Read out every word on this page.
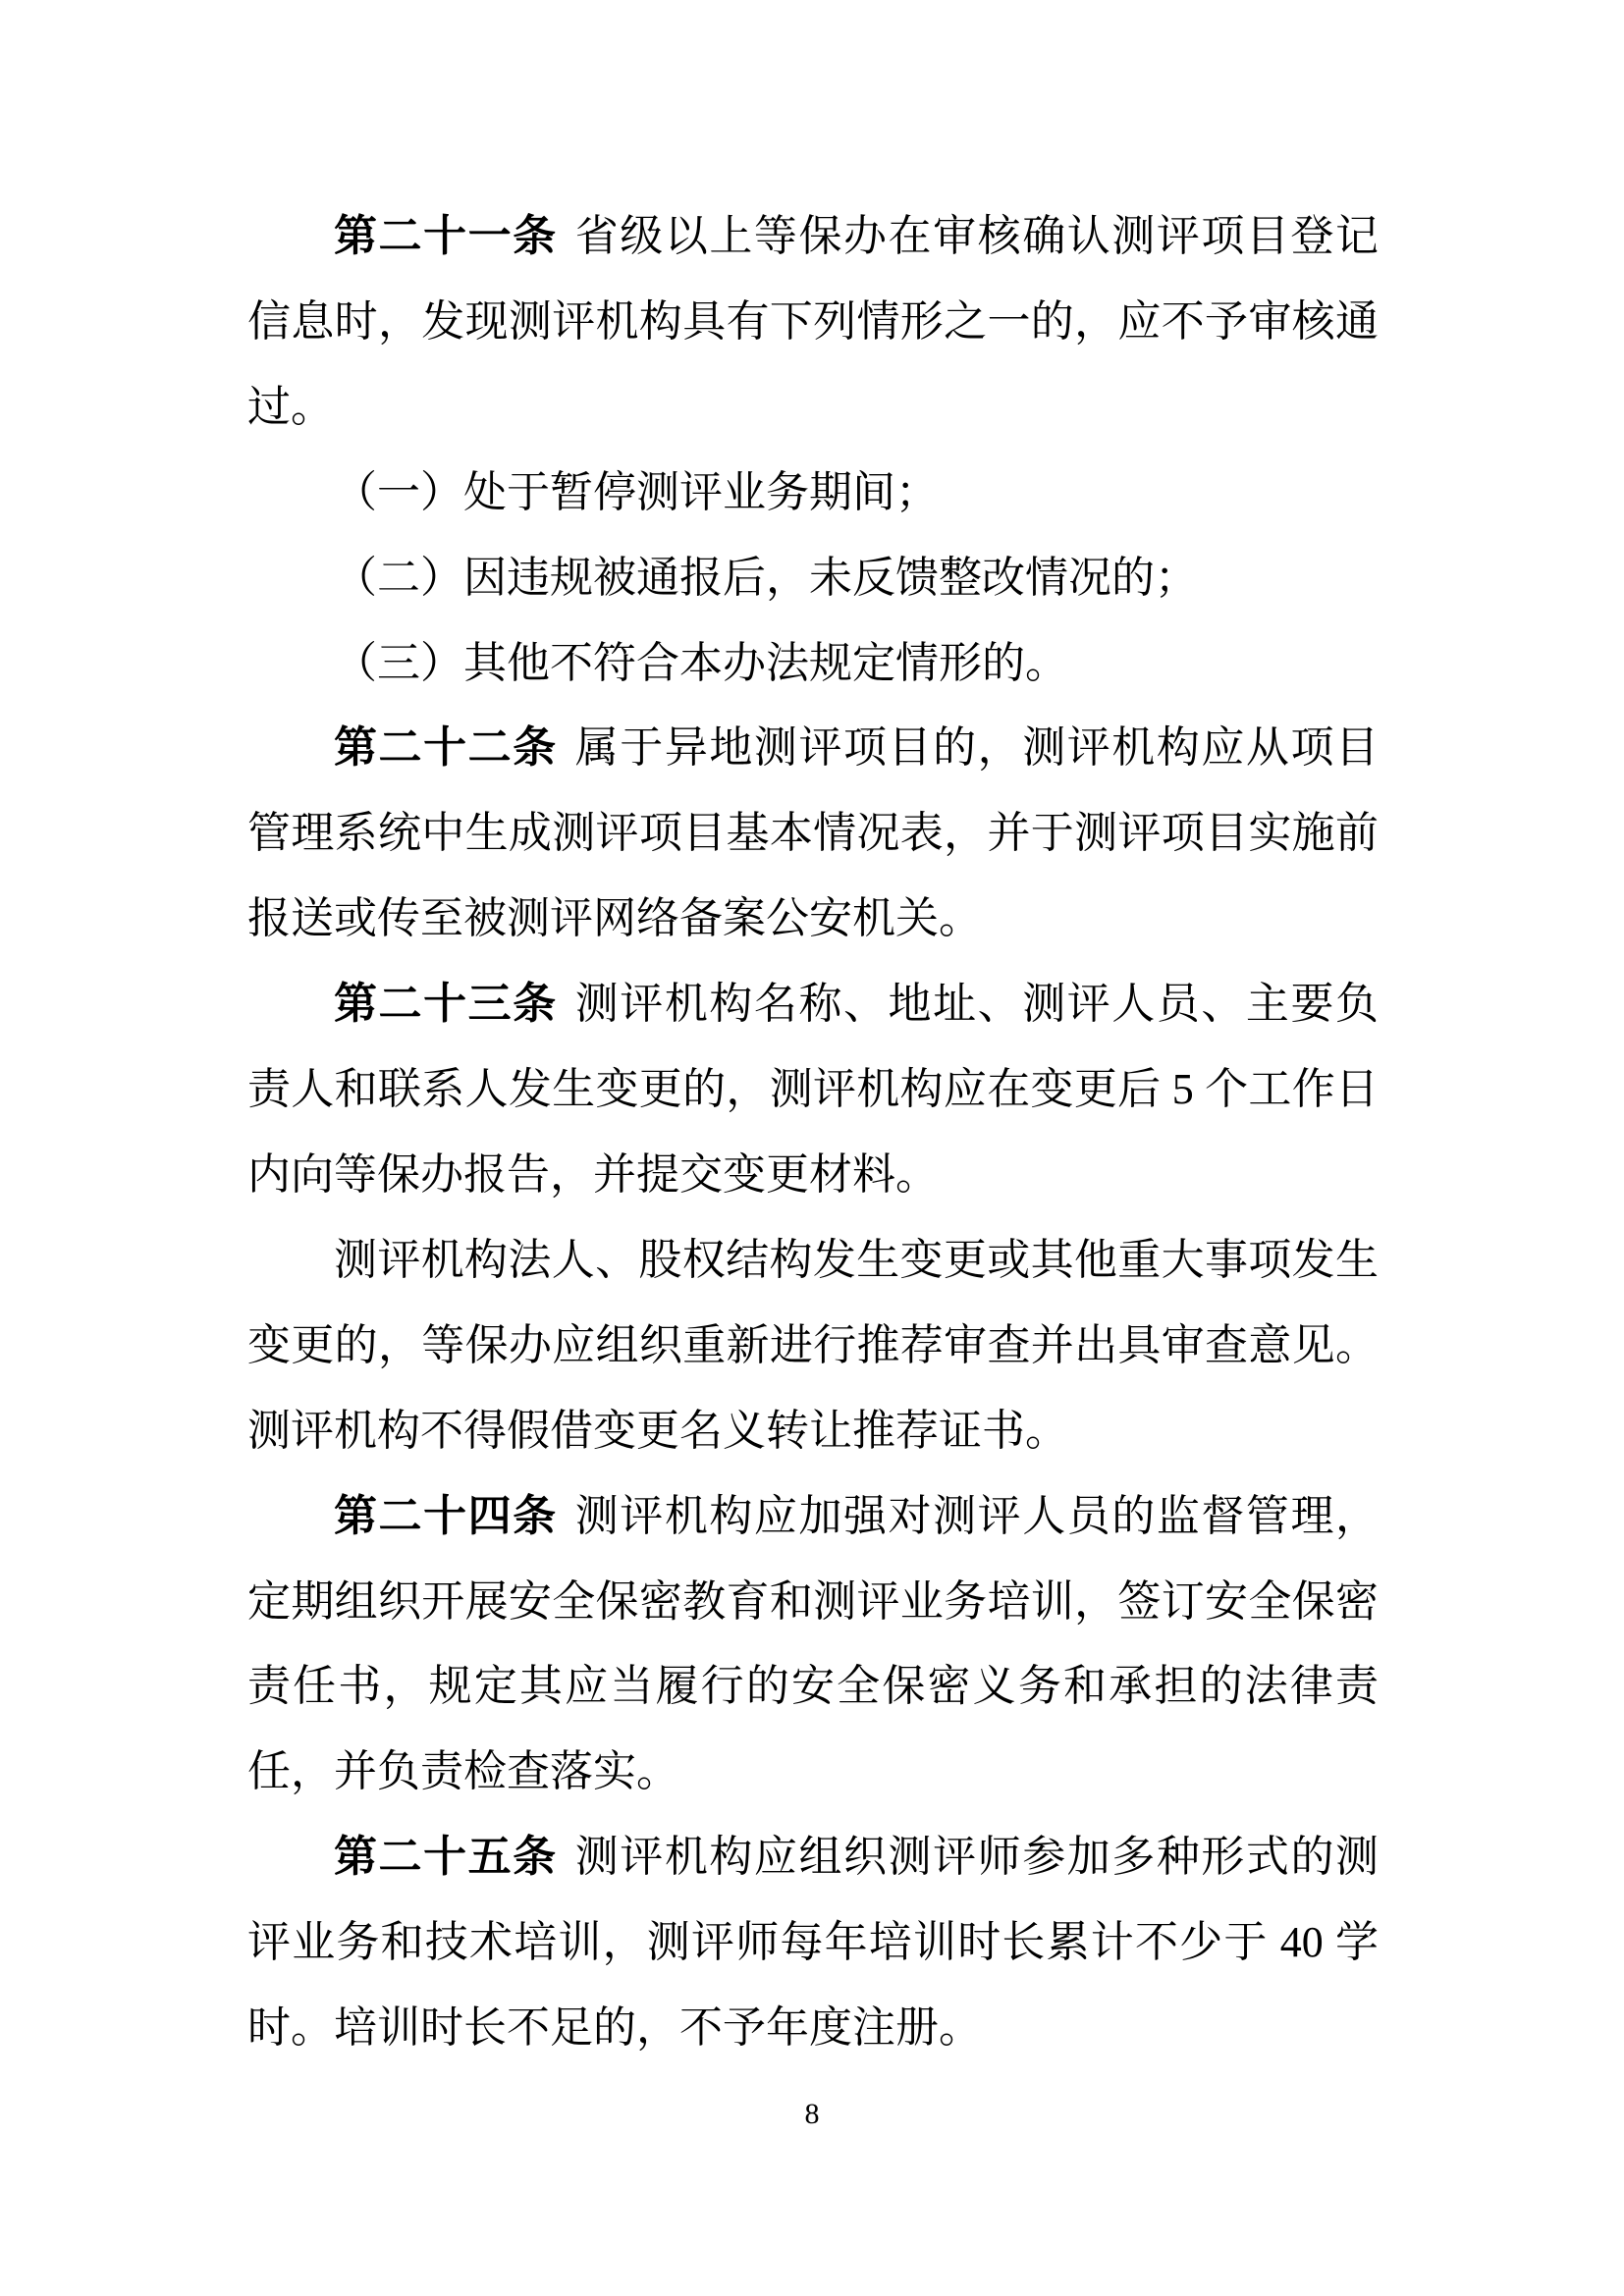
第二十一条 省级以上等保办在审核确认测评项目登记信息时，发现测评机构具有下列情形之一的，应不予审核通过。

（一）处于暂停测评业务期间；

（二）因违规被通报后，未反馈整改情况的；

（三）其他不符合本办法规定情形的。

第二十二条 属于异地测评项目的，测评机构应从项目管理系统中生成测评项目基本情况表，并于测评项目实施前报送或传至被测评网络备案公安机关。

第二十三条 测评机构名称、地址、测评人员、主要负责人和联系人发生变更的，测评机构应在变更后 5 个工作日内向等保办报告，并提交变更材料。

测评机构法人、股权结构发生变更或其他重大事项发生变更的，等保办应组织重新进行推荐审查并出具审查意见。测评机构不得假借变更名义转让推荐证书。

第二十四条 测评机构应加强对测评人员的监督管理，定期组织开展安全保密教育和测评业务培训，签订安全保密责任书，规定其应当履行的安全保密义务和承担的法律责任，并负责检查落实。

第二十五条 测评机构应组织测评师参加多种形式的测评业务和技术培训，测评师每年培训时长累计不少于 40 学时。培训时长不足的，不予年度注册。

8
